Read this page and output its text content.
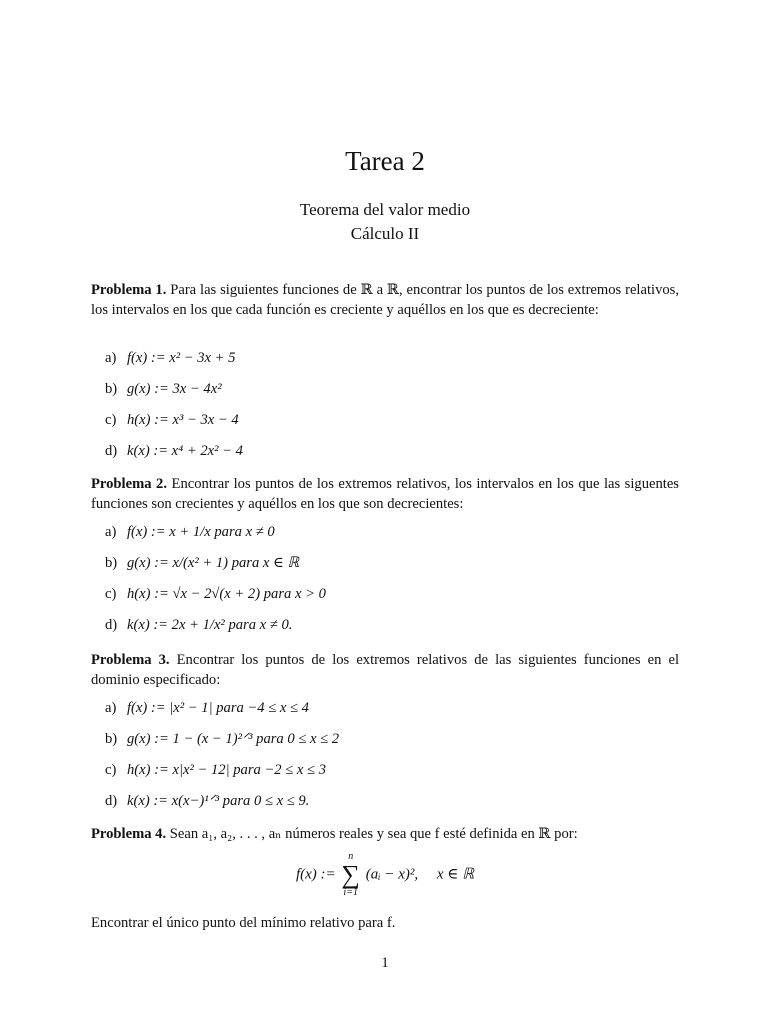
Tarea 2
Teorema del valor medio
Cálculo II
Problema 1. Para las siguientes funciones de ℝ a ℝ, encontrar los puntos de los extremos relativos, los intervalos en los que cada función es creciente y aquéllos en los que es decreciente:
a) f(x) := x² − 3x + 5
b) g(x) := 3x − 4x²
c) h(x) := x³ − 3x − 4
d) k(x) := x⁴ + 2x² − 4
Problema 2. Encontrar los puntos de los extremos relativos, los intervalos en los que las siguentes funciones son crecientes y aquéllos en los que son decrecientes:
a) f(x) := x + 1/x para x ≠ 0
b) g(x) := x/(x² + 1) para x ∈ ℝ
c) h(x) := √x − 2√(x + 2) para x > 0
d) k(x) := 2x + 1/x² para x ≠ 0.
Problema 3. Encontrar los puntos de los extremos relativos de las siguientes funciones en el dominio especificado:
a) f(x) := |x² − 1| para −4 ≤ x ≤ 4
b) g(x) := 1 − (x − 1)²ᐟ³ para 0 ≤ x ≤ 2
c) h(x) := x|x² − 12| para −2 ≤ x ≤ 3
d) k(x) := x(x−)¹ᐟ³ para 0 ≤ x ≤ 9.
Problema 4. Sean a₁, a₂, . . . , aₙ números reales y sea que f esté definida en ℝ por:
f(x) :=
n
∑
i=1
(aᵢ − x)²,     x ∈ ℝ
Encontrar el único punto del mínimo relativo para f.
1
